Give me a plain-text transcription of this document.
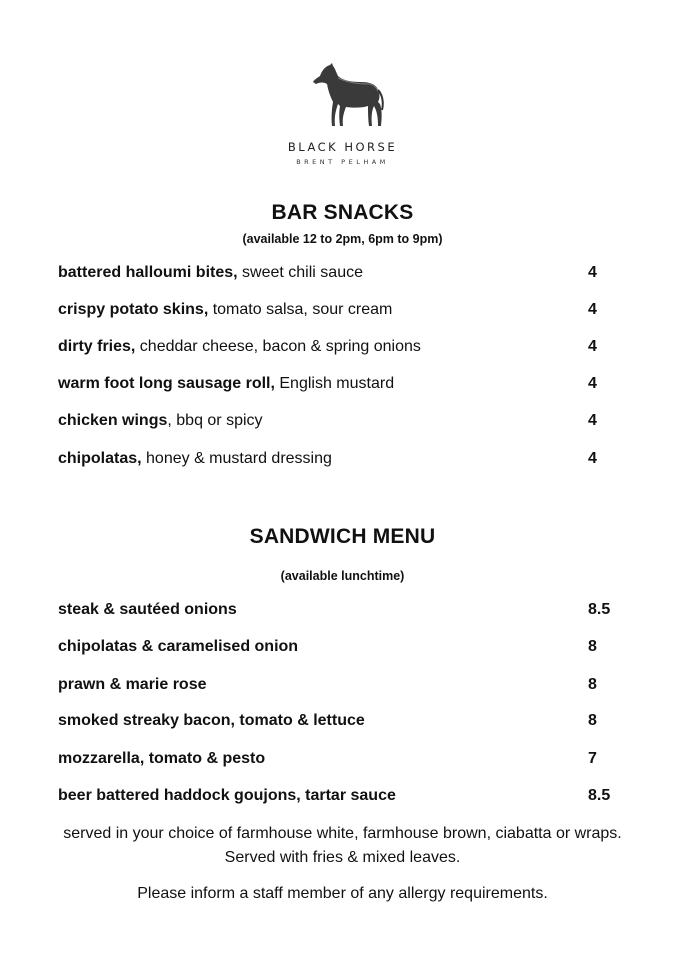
BLACK HORSE
BRENT PELHAM
BAR SNACKS
(available 12 to 2pm, 6pm to 9pm)
battered halloumi bites, sweet chili sauce	4
crispy potato skins, tomato salsa, sour cream	4
dirty fries, cheddar cheese, bacon & spring onions	4
warm foot long sausage roll, English mustard	4
chicken wings, bbq or spicy	4
chipolatas, honey & mustard dressing	4
SANDWICH MENU
(available lunchtime)
steak & sautéed onions	8.5
chipolatas & caramelised onion	8
prawn & marie rose	8
smoked streaky bacon, tomato & lettuce	8
mozzarella, tomato & pesto	7
beer battered haddock goujons, tartar sauce	8.5
served in your choice of farmhouse white, farmhouse brown, ciabatta or wraps. Served with fries & mixed leaves.
Please inform a staff member of any allergy requirements.
